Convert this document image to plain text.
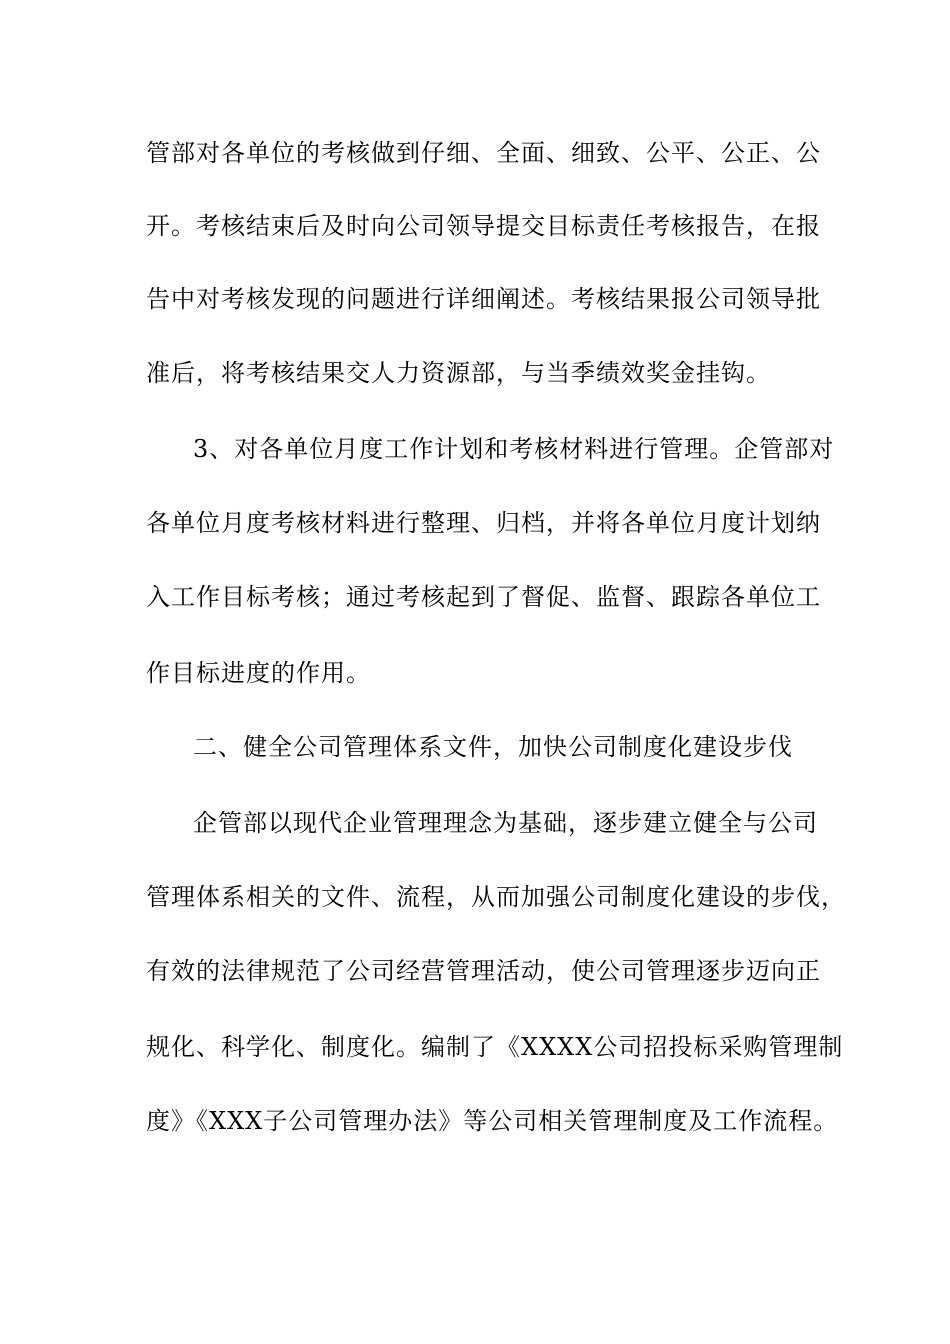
管部对各单位的考核做到仔细、全面、细致、公平、公正、公
开。考核结束后及时向公司领导提交目标责任考核报告，在报
告中对考核发现的问题进行详细阐述。考核结果报公司领导批
准后，将考核结果交人力资源部，与当季绩效奖金挂钩。
3、对各单位月度工作计划和考核材料进行管理。企管部对
各单位月度考核材料进行整理、归档，并将各单位月度计划纳
入工作目标考核；通过考核起到了督促、监督、跟踪各单位工
作目标进度的作用。
二、健全公司管理体系文件，加快公司制度化建设步伐
企管部以现代企业管理理念为基础，逐步建立健全与公司
管理体系相关的文件、流程，从而加强公司制度化建设的步伐，
有效的法律规范了公司经营管理活动，使公司管理逐步迈向正
规化、科学化、制度化。编制了《XXXX公司招投标采购管理制
度》《XXX子公司管理办法》等公司相关管理制度及工作流程。
